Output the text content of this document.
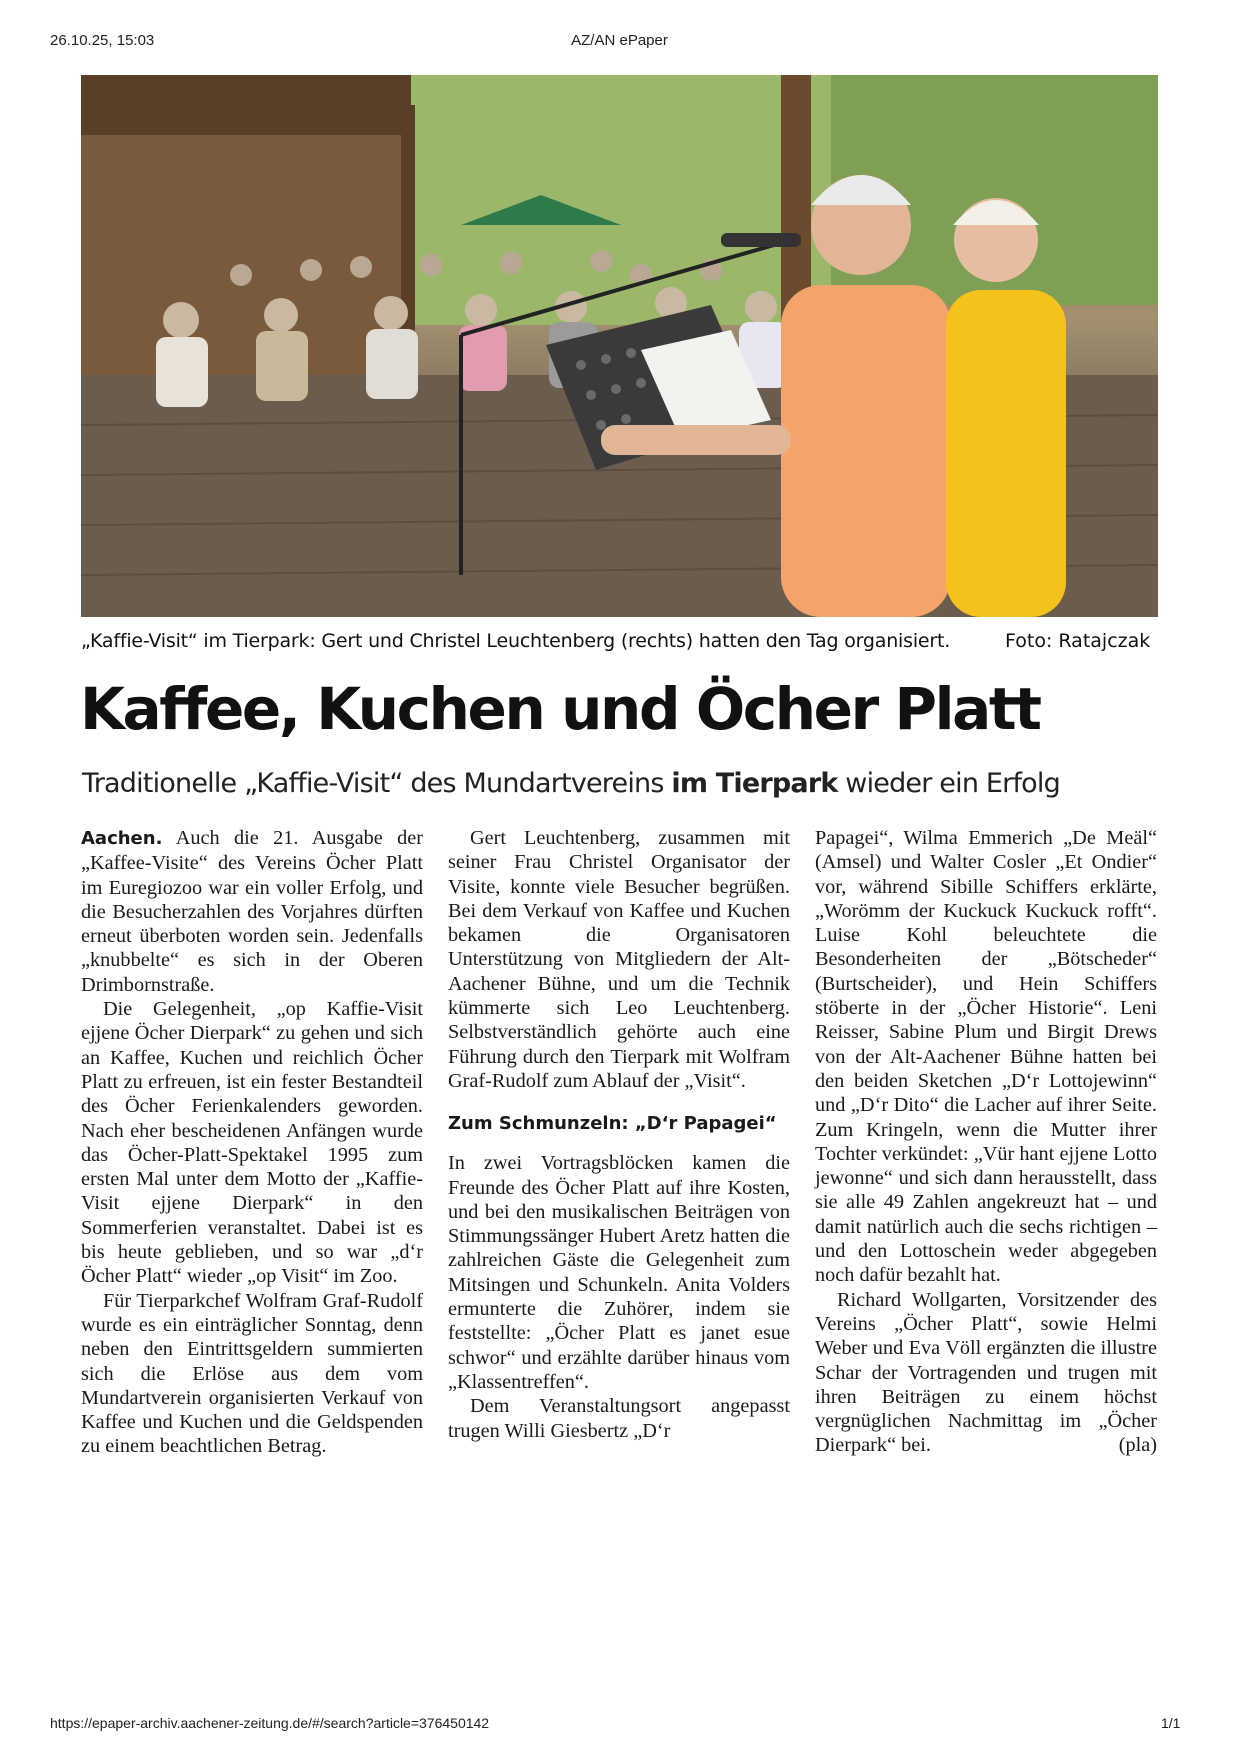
26.10.25, 15:03	AZ/AN ePaper
„Kaffie-Visit“ im Tierpark: Gert und Christel Leuchtenberg (rechts) hatten den Tag organisiert.	Foto: Ratajczak
Kaffee, Kuchen und Öcher Platt
Traditionelle „Kaffie-Visit“ des Mundartvereins im Tierpark wieder ein Erfolg

Aachen. Auch die 21. Ausgabe der „Kaffee-Visite“ des Vereins Öcher Platt im Euregiozoo war ein voller Erfolg, und die Besucherzahlen des Vorjahres dürften erneut überboten worden sein. Jedenfalls „knubbelte“ es sich in der Oberen Drimbornstraße.

Die Gelegenheit, „op Kaffie-Visit ejjene Öcher Dierpark“ zu gehen und sich an Kaffee, Kuchen und reichlich Öcher Platt zu erfreuen, ist ein fester Bestandteil des Öcher Ferienkalenders geworden. Nach eher bescheidenen Anfängen wurde das Öcher-Platt-Spektakel 1995 zum ersten Mal unter dem Motto der „Kaffie-Visit ejjene Dierpark“ in den Sommerferien veranstaltet. Dabei ist es bis heute geblieben, und so war „d‘r Öcher Platt“ wieder „op Visit“ im Zoo.

Für Tierparkchef Wolfram Graf-Rudolf wurde es ein einträglicher Sonntag, denn neben den Eintrittsgeldern summierten sich die Erlöse aus dem vom Mundartverein organisierten Verkauf von Kaffee und Kuchen und die Geldspenden zu einem beachtlichen Betrag.

Gert Leuchtenberg, zusammen mit seiner Frau Christel Organisator der Visite, konnte viele Besucher begrüßen. Bei dem Verkauf von Kaffee und Kuchen bekamen die Organisatoren Unterstützung von Mitgliedern der Alt-Aachener Bühne, und um die Technik kümmerte sich Leo Leuchtenberg. Selbstverständlich gehörte auch eine Führung durch den Tierpark mit Wolfram Graf-Rudolf zum Ablauf der „Visit“.

Zum Schmunzeln: „D‘r Papagei“

In zwei Vortragsblöcken kamen die Freunde des Öcher Platt auf ihre Kosten, und bei den musikalischen Beiträgen von Stimmungssänger Hubert Aretz hatten die zahlreichen Gäste die Gelegenheit zum Mitsingen und Schunkeln. Anita Volders ermunterte die Zuhörer, indem sie feststellte: „Öcher Platt es janet esue schwor“ und erzählte darüber hinaus vom „Klassentreffen“.

Dem Veranstaltungsort angepasst trugen Willi Giesbertz „D‘r

Papagei“, Wilma Emmerich „De Meäl“ (Amsel) und Walter Cosler „Et Ondier“ vor, während Sibille Schiffers erklärte, „Worömm der Kuckuck Kuckuck rofft“. Luise Kohl beleuchtete die Besonderheiten der „Bötscheder“ (Burtscheider), und Hein Schiffers stöberte in der „Öcher Historie“. Leni Reisser, Sabine Plum und Birgit Drews von der Alt-Aachener Bühne hatten bei den beiden Sketchen „D‘r Lottojewinn“ und „D‘r Dito“ die Lacher auf ihrer Seite. Zum Kringeln, wenn die Mutter ihrer Tochter verkündet: „Vür hant ejjene Lotto jewonne“ und sich dann herausstellt, dass sie alle 49 Zahlen angekreuzt hat – und damit natürlich auch die sechs richtigen – und den Lottoschein weder abgegeben noch dafür bezahlt hat.

Richard Wollgarten, Vorsitzender des Vereins „Öcher Platt“, sowie Helmi Weber und Eva Völl ergänzten die illustre Schar der Vortragenden und trugen mit ihren Beiträgen zu einem höchst vergnüglichen Nachmittag im „Öcher Dierpark“ bei.	(pla)

https://epaper-archiv.aachener-zeitung.de/#/search?article=376450142	1/1
